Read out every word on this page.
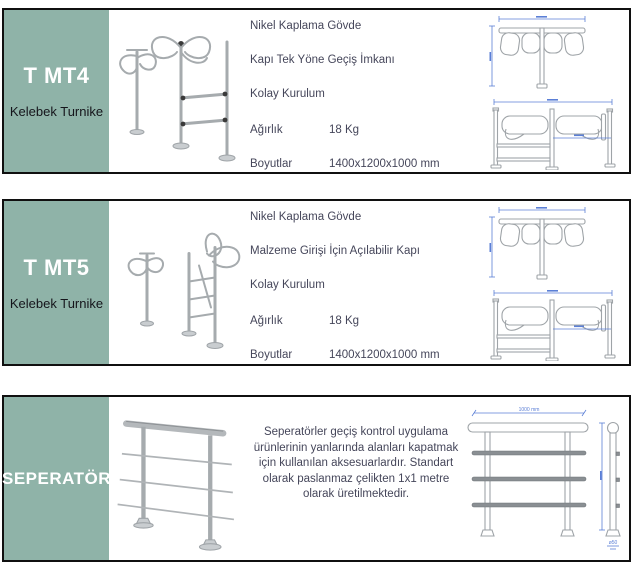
T MT4
Kelebek Turnike
Nikel Kaplama Gövde
Kapı Tek Yöne Geçiş İmkanı
Kolay Kurulum
Ağırlık	18 Kg
Boyutlar	1400x1200x1000 mm
T MT5
Kelebek Turnike
Nikel Kaplama Gövde
Malzeme Girişi İçin Açılabilir Kapı
Kolay Kurulum
Ağırlık	18 Kg
Boyutlar	1400x1200x1000 mm
SEPERATÖR
Seperatörler geçiş kontrol uygulama ürünlerinin yanlarında alanları kapatmak için kullanılan aksesuarlardır. Standart olarak paslanmaz çelikten 1x1 metre olarak üretilmektedir.
1000 mm
ø50
